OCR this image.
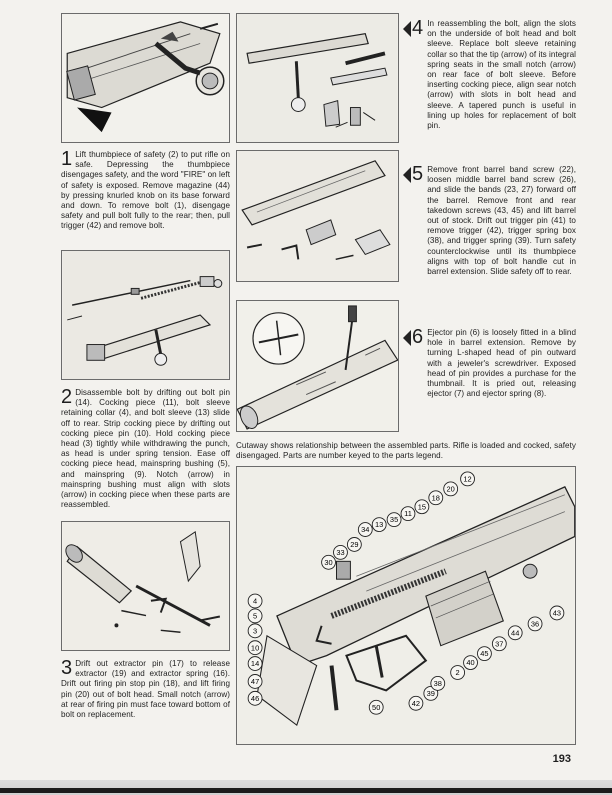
1 Lift thumbpiece of safety (2) to put rifle on safe. Depressing the thumbpiece disengages safety, and the word "FIRE" on left of safety is exposed. Remove magazine (44) by pressing knurled knob on its base forward and down. To remove bolt (1), disengage safety and pull bolt fully to the rear; then, pull trigger (42) and remove bolt.
2 Disassemble bolt by drifting out bolt pin (14). Cocking piece (11), bolt sleeve retaining collar (4), and bolt sleeve (13) slide off to rear. Strip cocking piece by drifting out cocking piece pin (10). Hold cocking piece head (3) tightly while withdrawing the punch, as head is under spring tension. Ease off cocking piece head, mainspring bushing (5), and mainspring (9). Notch (arrow) in mainspring bushing must align with slots (arrow) in cocking piece when these parts are reassembled.
3 Drift out extractor pin (17) to release extractor (19) and extractor spring (16). Drift out firing pin stop pin (18), and lift firing pin (20) out of bolt head. Small notch (arrow) at rear of firing pin must face toward bottom of bolt on replacement.
4 In reassembling the bolt, align the slots on the underside of bolt head and bolt sleeve. Replace bolt sleeve retaining collar so that the tip (arrow) of its integral spring seats in the small notch (arrow) on rear face of bolt sleeve. Before inserting cocking piece, align sear notch (arrow) with slots in bolt head and sleeve. A tapered punch is useful in lining up holes for replacement of bolt pin.
5 Remove front barrel band screw (22), loosen middle barrel band screw (26), and slide the bands (23, 27) forward off the barrel. Remove front and rear takedown screws (43, 45) and lift barrel out of stock. Drift out trigger pin (41) to remove trigger (42), trigger spring box (38), and trigger spring (39). Turn safety counterclockwise until its thumbpiece aligns with top of bolt handle cut in barrel extension. Slide safety off to rear.
6 Ejector pin (6) is loosely fitted in a blind hole in barrel extension. Remove by turning L-shaped head of pin outward with a jeweler's screwdriver. Exposed head of pin provides a purchase for the thumbnail. It is pried out, releasing ejector (7) and ejector spring (8).
Cutaway shows relationship between the assembled parts. Rifle is loaded and cocked, safety disengaged. Parts are number keyed to the parts legend.
12
20
18
15
11
35
13
34
29
33
30
4
5
3
10
14
47
46
50	42
39
38
2
40
45
37
44
36
43
193
